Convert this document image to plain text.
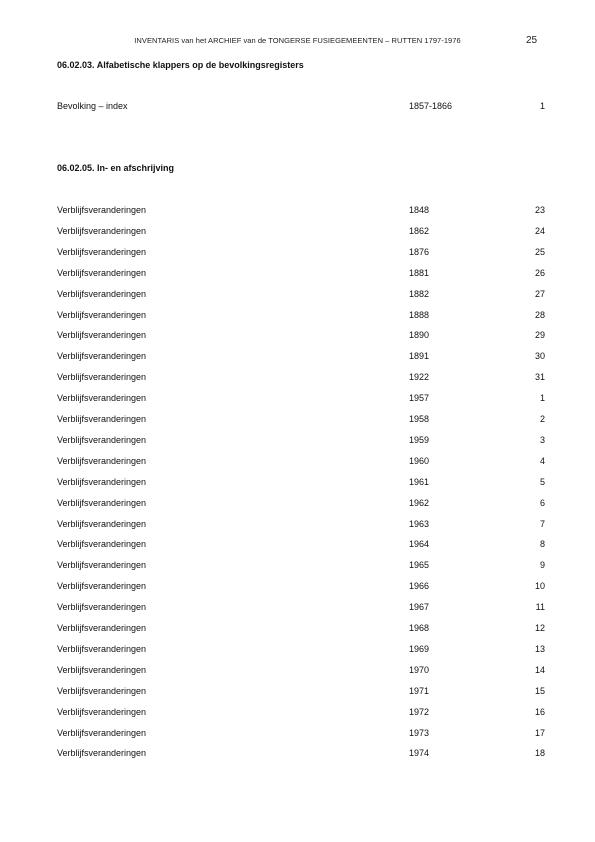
INVENTARIS van het ARCHIEF van de TONGERSE FUSIEGEMEENTEN – RUTTEN 1797-1976	25
06.02.03. Alfabetische klappers op de bevolkingsregisters
Bevolking – index	1857-1866	1
06.02.05. In- en afschrijving
Verblijfsveranderingen	1848	23
Verblijfsveranderingen	1862	24
Verblijfsveranderingen	1876	25
Verblijfsveranderingen	1881	26
Verblijfsveranderingen	1882	27
Verblijfsveranderingen	1888	28
Verblijfsveranderingen	1890	29
Verblijfsveranderingen	1891	30
Verblijfsveranderingen	1922	31
Verblijfsveranderingen	1957	1
Verblijfsveranderingen	1958	2
Verblijfsveranderingen	1959	3
Verblijfsveranderingen	1960	4
Verblijfsveranderingen	1961	5
Verblijfsveranderingen	1962	6
Verblijfsveranderingen	1963	7
Verblijfsveranderingen	1964	8
Verblijfsveranderingen	1965	9
Verblijfsveranderingen	1966	10
Verblijfsveranderingen	1967	11
Verblijfsveranderingen	1968	12
Verblijfsveranderingen	1969	13
Verblijfsveranderingen	1970	14
Verblijfsveranderingen	1971	15
Verblijfsveranderingen	1972	16
Verblijfsveranderingen	1973	17
Verblijfsveranderingen	1974	18
